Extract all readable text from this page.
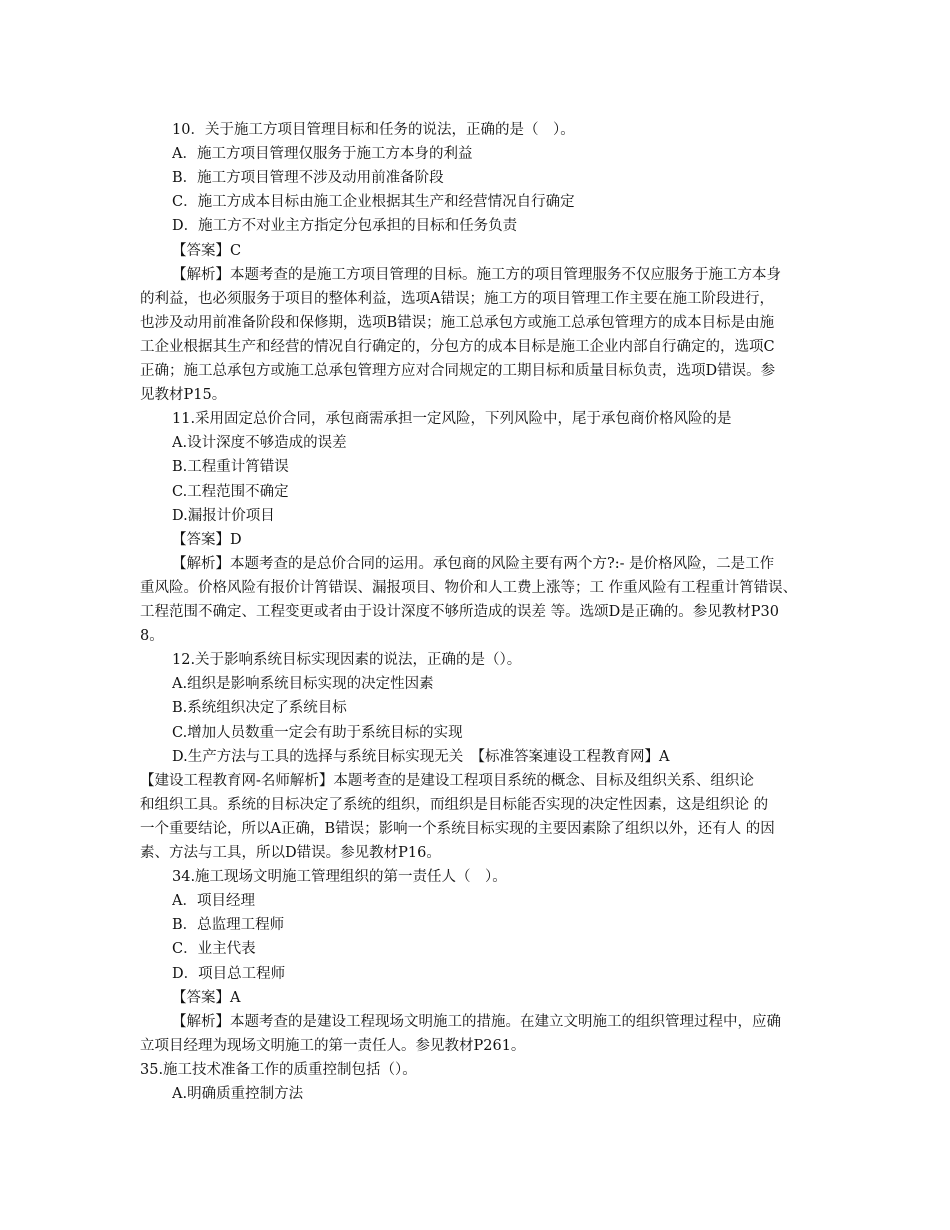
10．关于施工方项目管理目标和任务的说法，正确的是（　）。
A．施工方项目管理仅服务于施工方本身的利益
B．施工方项目管理不涉及动用前准备阶段
C．施工方成本目标由施工企业根据其生产和经营情况自行确定
D．施工方不对业主方指定分包承担的目标和任务负责
【答案】C
【解析】本题考查的是施工方项目管理的目标。施工方的项目管理服务不仅应服务于施工方本身
的利益，也必须服务于项目的整体利益，选项A错误；施工方的项目管理工作主要在施工阶段进行，
也涉及动用前准备阶段和保修期，选项B错误；施工总承包方或施工总承包管理方的成本目标是由施
工企业根据其生产和经营的情况自行确定的，分包方的成本目标是施工企业内部自行确定的，选项C
正确；施工总承包方或施工总承包管理方应对合同规定的工期目标和质量目标负责，选项D错误。参
见教材P15。
11.采用固定总价合同，承包商需承担一定风险，下列风险中，尾于承包商价格风险的是
A.设计深度不够造成的误差
B.工程重计筲错误
C.工程范围不确定
D.漏报计价项目
【答案】D
【解析】本题考查的是总价合同的运用。承包商的风险主要有两个方?:- 是价格风险，二是工作
重风险。价格风险有报价计筲错误、漏报项目、物价和人工费上涨等；工 作重风险有工程重计筲错误、
工程范围不确定、工程变更或者由于设计深度不够所造成的误差 等。选颂D是正确的。参见教材P30
8。
12.关于影响系统目标实现因素的说法，正确的是（）。
A.组织是影响系统目标实现的决定性因素
B.系统组织决定了系统目标
C.增加人员数重一定会有助于系统目标的实现
D.生产方法与工具的选择与系统目标实现无关　【标准答案連设工程教育网】A
【建设工程教育网-名师解析】本题考查的是建设工程项目系统的概念、目标及组织关系、组织论
和组织工具。系统的目标决定了系统的组织，而组织是目标能否实现的决定性因素，这是组织论 的
一个重要结论，所以A正确，B错误；影响一个系统目标实现的主要因素除了组织以外，还有人 的因
素、方法与工具，所以D错误。参见教材P16。
34.施工现场文明施工管理组织的第一责任人（　）。
A．项目经理
B．总监理工程师
C．业主代表
D．项目总工程师
【答案】A
【解析】本题考查的是建设工程现场文明施工的措施。在建立文明施工的组织管理过程中，应确
立项目经理为现场文明施工的第一责任人。参见教材P261。
35.施工技术准备工作的质重控制包括（）。
A.明确质重控制方法
